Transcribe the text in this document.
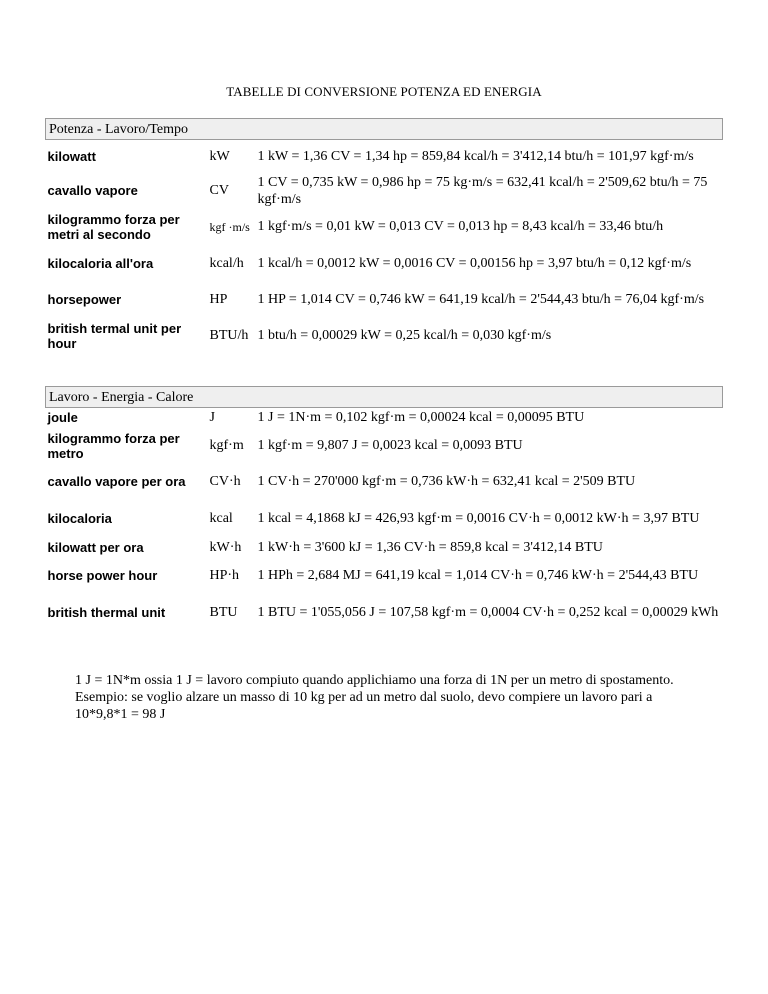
TABELLE DI CONVERSIONE POTENZA ED ENERGIA
Potenza - Lavoro/Tempo		
kilowatt	kW	1 kW = 1,36 CV = 1,34 hp = 859,84 kcal/h = 3'412,14 btu/h = 101,97 kgf·m/s
cavallo vapore	CV	1 CV = 0,735 kW = 0,986 hp = 75 kg·m/s = 632,41 kcal/h = 2'509,62 btu/h = 75 kgf·m/s
kilogrammo forza per metri al secondo	kgf ·m/s	1 kgf·m/s = 0,01 kW = 0,013 CV = 0,013 hp = 8,43 kcal/h = 33,46 btu/h
kilocaloria all'ora	kcal/h	1 kcal/h = 0,0012 kW = 0,0016 CV = 0,00156 hp = 3,97 btu/h = 0,12 kgf·m/s
horsepower	HP	1 HP = 1,014 CV = 0,746 kW = 641,19 kcal/h = 2'544,43 btu/h = 76,04 kgf·m/s
british termal unit per hour	BTU/h	1 btu/h = 0,00029 kW = 0,25 kcal/h = 0,030 kgf·m/s
Lavoro - Energia - Calore		
joule	J	1 J = 1N·m = 0,102 kgf·m = 0,00024 kcal = 0,00095 BTU
kilogrammo forza per metro	kgf·m	1 kgf·m = 9,807 J = 0,0023 kcal = 0,0093 BTU
cavallo vapore per ora	CV·h	1 CV·h = 270'000 kgf·m = 0,736 kW·h = 632,41 kcal = 2'509 BTU
kilocaloria	kcal	1 kcal = 4,1868 kJ = 426,93 kgf·m = 0,0016 CV·h = 0,0012 kW·h = 3,97 BTU
kilowatt per ora	kW·h	1 kW·h = 3'600 kJ = 1,36 CV·h = 859,8 kcal = 3'412,14 BTU
horse power hour	HP·h	1 HPh = 2,684 MJ = 641,19 kcal = 1,014 CV·h = 0,746 kW·h = 2'544,43 BTU
british thermal unit	BTU	1 BTU = 1'055,056 J = 107,58 kgf·m = 0,0004 CV·h = 0,252 kcal = 0,00029 kWh

1 J = 1N*m ossia 1 J = lavoro compiuto quando applichiamo una forza di 1N per un metro di spostamento.

Esempio: se voglio alzare un masso di 10 kg per ad un metro dal suolo, devo compiere un lavoro pari a 10*9,8*1 = 98 J
